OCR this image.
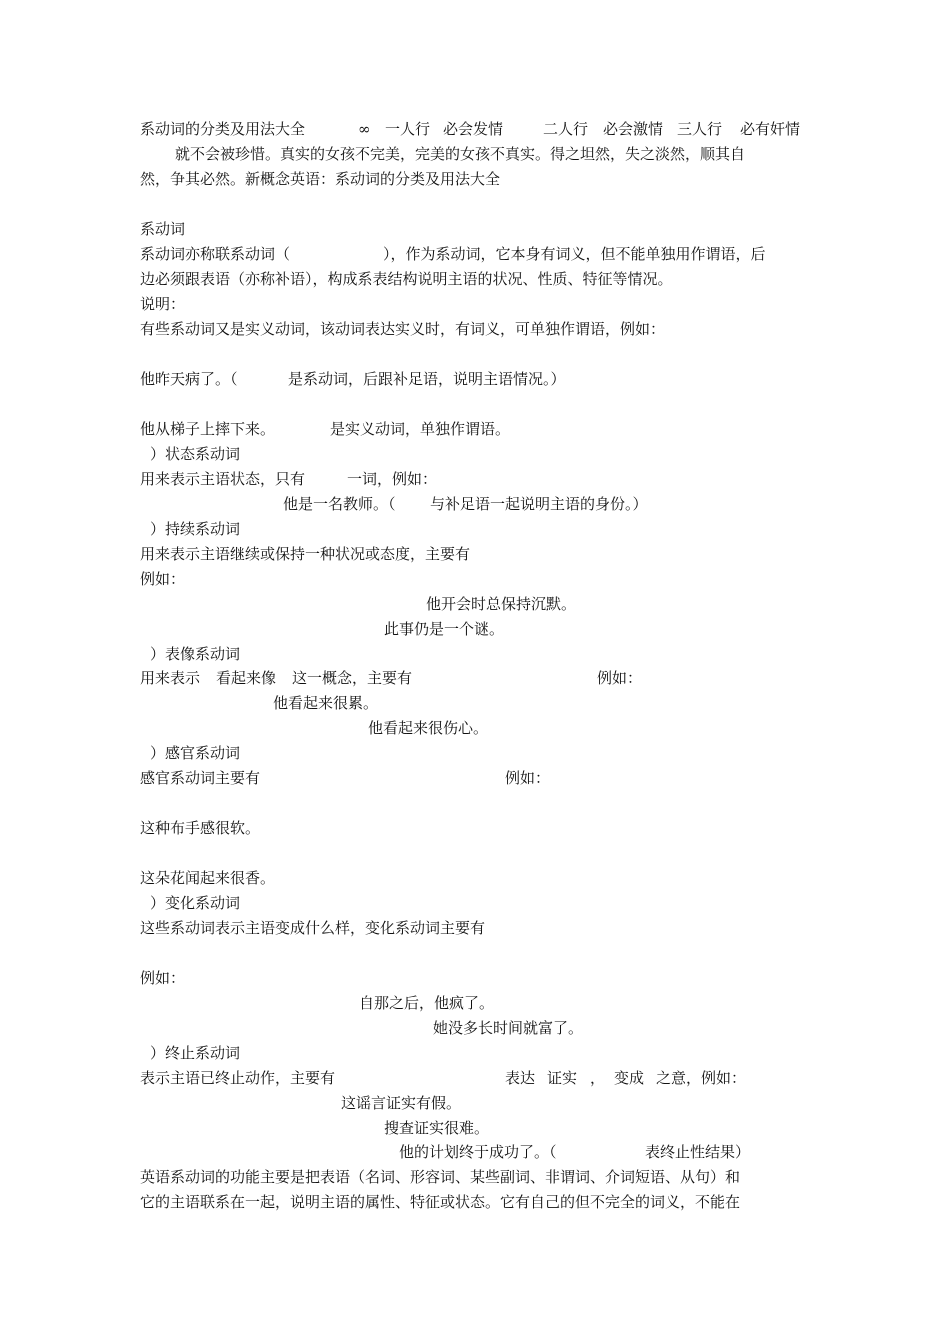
系动词的分类及用法大全

	∞

一人行

必会发情

	二人行

必会激情

三人行

必有奸情

就不会被珍惜。真实的女孩不完美，完美的女孩不真实。得之坦然，失之淡然，顺其自

然，争其必然。新概念英语：系动词的分类及用法大全

系动词

系动词亦称联系动词（

	），作为系动词，它本身有词义，但不能单独用作谓语，后

边必须跟表语（亦称补语），构成系表结构说明主语的状况、性质、特征等情况。

说明：

有些系动词又是实义动词，该动词表达实义时，有词义，可单独作谓语，例如：

他昨天病了。（

	是系动词，后跟补足语，说明主语情况。）

他从梯子上摔下来。

	是实义动词，单独作谓语。

）状态系动词

用来表示主语状态，只有

	一词，例如：

他是一名教师。（

与补足语一起说明主语的身份。）

）持续系动词

用来表示主语继续或保持一种状况或态度，主要有

例如：

他开会时总保持沉默。

此事仍是一个谜。

）表像系动词

用来表示

看起来像

这一概念，主要有

	例如：

他看起来很累。

他看起来很伤心。

）感官系动词

感官系动词主要有

	例如：

这种布手感很软。

这朵花闻起来很香。

）变化系动词

这些系动词表示主语变成什么样，变化系动词主要有

例如：

自那之后，他疯了。

她没多长时间就富了。

）终止系动词

表示主语已终止动作，主要有

	表达

证实

，

变成

之意，例如：

这谣言证实有假。

搜查证实很难。

他的计划终于成功了。（

	表终止性结果）

英语系动词的功能主要是把表语（名词、形容词、某些副词、非谓词、介词短语、从句）和

它的主语联系在一起，说明主语的属性、特征或状态。它有自己的但不完全的词义，不能在
